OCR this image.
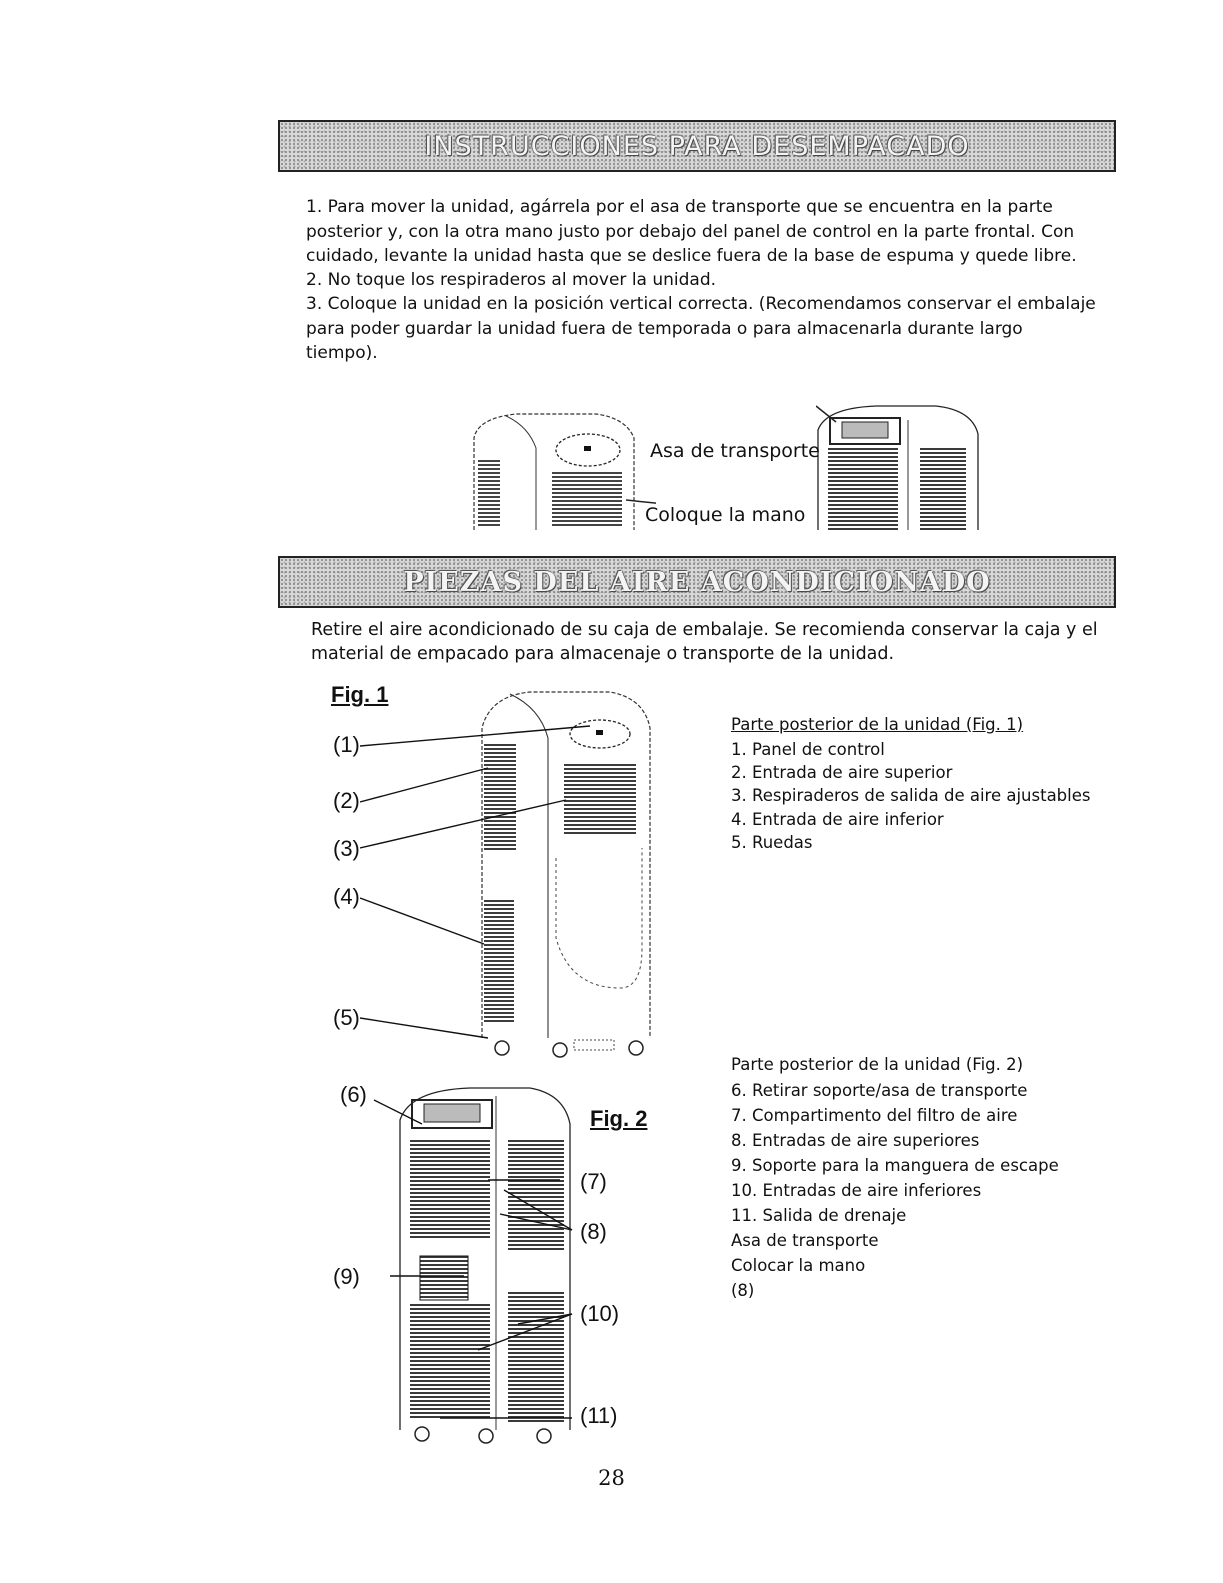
INSTRUCCIONES PARA DESEMPACADO

1. Para mover la unidad, agárrela por el asa de transporte que se encuentra en la parte posterior y, con la otra mano justo por debajo del panel de control en la parte frontal. Con cuidado, levante la unidad hasta que se deslice fuera de la base de espuma y quede libre.

2. No toque los respiraderos al mover la unidad.

3. Coloque la unidad en la posición vertical correcta. (Recomendamos conservar el embalaje para poder guardar la unidad fuera de temporada o para almacenarla durante largo tiempo).

Asa de transporte
Coloque la mano
PIEZAS DEL AIRE ACONDICIONADO

Retire el aire acondicionado de su caja de embalaje. Se recomienda conservar la caja y el material de empacado para almacenaje o transporte de la unidad.

Fig. 1
(1)
(2)
(3)
(4)
(5)
Fig. 2
(6)
(7)
(8)
(9)
(10)
(11)
Parte posterior de la unidad (Fig. 1)
1. Panel de control
2. Entrada de aire superior
3. Respiraderos de salida de aire ajustables
4. Entrada de aire inferior
5. Ruedas
Parte posterior de la unidad (Fig. 2)
6. Retirar soporte/asa de transporte
7. Compartimento del filtro de aire
8. Entradas de aire superiores
9. Soporte para la manguera de escape
10. Entradas de aire inferiores
11. Salida de drenaje
Asa de transporte
Colocar la mano
(8)
28
